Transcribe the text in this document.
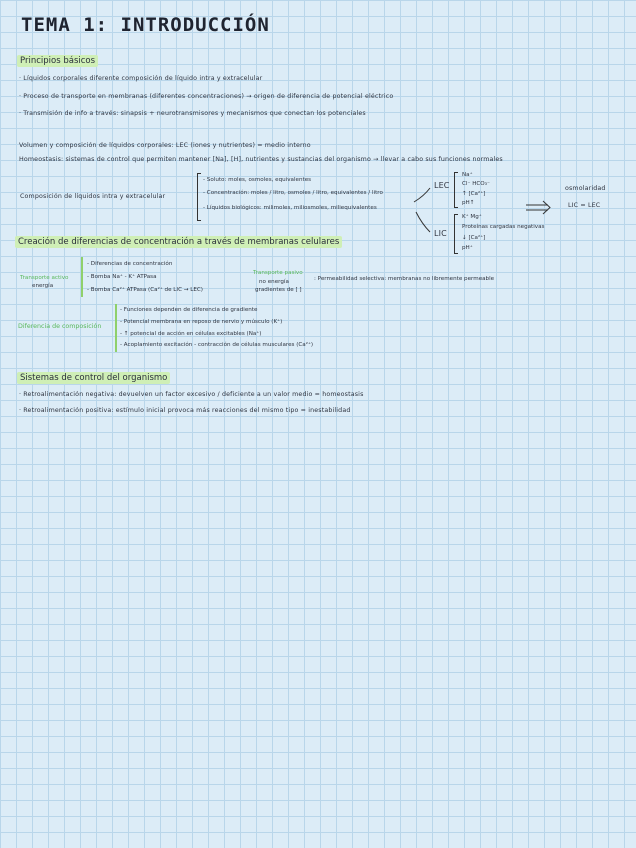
TEMA 1: INTRODUCCIÓN
Principios básicos
· Líquidos corporales diferente composición de líquido intra y extracelular
· Proceso de transporte en membranas (diferentes concentraciones) → origen de diferencia de potencial eléctrico
· Transmisión de info a través: sinapsis + neurotransmisores y mecanismos que conectan los potenciales
Volumen y composición de líquidos corporales: LEC (iones y nutrientes) = medio interno
Homeostasis: sistemas de control que permiten mantener [Na], [H], nutrientes y sustancias del organismo → llevar a cabo sus funciones normales
Composición de líquidos intra y extracelular
- Soluto: moles, osmoles, equivalentes
- Concentración: moles / litro, osmoles / litro, equivalentes / litro
- Líquidos biológicos: milimoles, miliosmoles, miliequivalentes
LEC
Na⁺
Cl⁻ HCO₃⁻
↑ [Ca²⁺]
pH↑
LIC
K⁺ Mg⁺
Proteínas cargadas negativas
↓ [Ca²⁺]
pH⁺
osmolaridad
LIC = LEC
Creación de diferencias de concentración a través de membranas celulares
Transporte activo
energía
- Diferencias de concentración
- Bomba Na⁺ - K⁺ ATPasa
- Bomba Ca²⁺ ATPasa (Ca²⁺ de LIC → LEC)
Transporte pasivo
no energía
gradientes de [ ]
: Permeabilidad selectiva: membranas no libremente permeable
Diferencia de composición
- Funciones dependen de diferencia de gradiente
- Potencial membrana en reposo de nervio y músculo (K⁺)
- ↑ potencial de acción en células excitables (Na⁺)
- Acoplamiento excitación - contracción de células musculares (Ca²⁺)
Sistemas de control del organismo
· Retroalimentación negativa: devuelven un factor excesivo / deficiente a un valor medio = homeostasis
· Retroalimentación positiva: estímulo inicial provoca más reacciones del mismo tipo = inestabilidad
